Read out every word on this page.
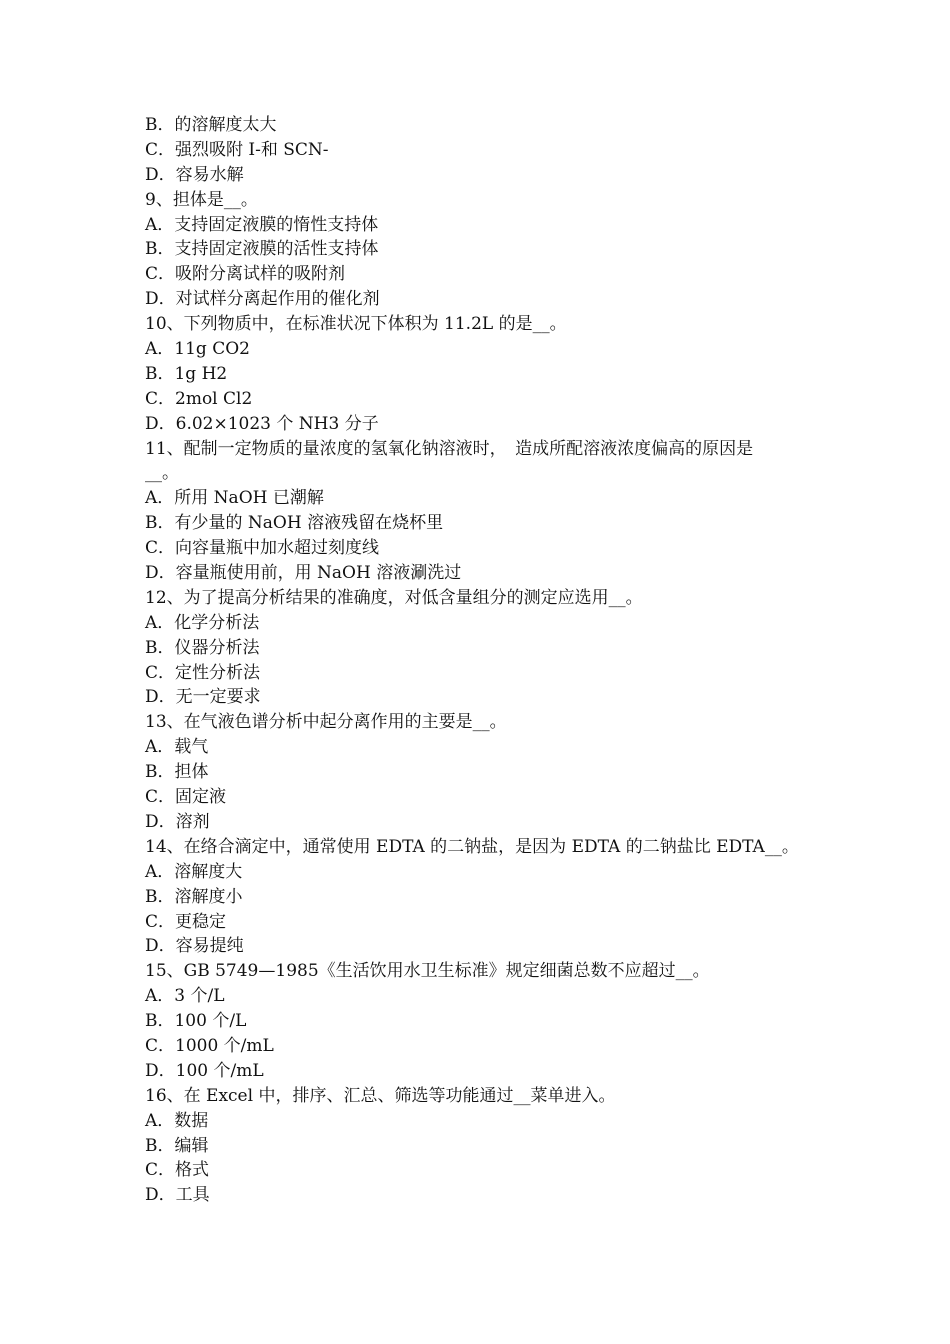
B．的溶解度太大
C．强烈吸附 I-和 SCN-
D．容易水解
9、担体是__。
A．支持固定液膜的惰性支持体
B．支持固定液膜的活性支持体
C．吸附分离试样的吸附剂
D．对试样分离起作用的催化剂
10、下列物质中，在标准状况下体积为 11.2L 的是__。
A．11g CO2
B．1g H2
C．2mol Cl2
D．6.02×1023 个 NH3 分子
11、配制一定物质的量浓度的氢氧化钠溶液时，　造成所配溶液浓度偏高的原因是
__。
A．所用 NaOH 已潮解
B．有少量的 NaOH 溶液残留在烧杯里
C．向容量瓶中加水超过刻度线
D．容量瓶使用前，用 NaOH 溶液涮洗过
12、为了提高分析结果的准确度，对低含量组分的测定应选用__。
A．化学分析法
B．仪器分析法
C．定性分析法
D．无一定要求
13、在气液色谱分析中起分离作用的主要是__。
A．载气
B．担体
C．固定液
D．溶剂
14、在络合滴定中，通常使用 EDTA 的二钠盐，是因为 EDTA 的二钠盐比 EDTA__。
A．溶解度大
B．溶解度小
C．更稳定
D．容易提纯
15、GB 5749—1985《生活饮用水卫生标准》规定细菌总数不应超过__。
A．3 个/L
B．100 个/L
C．1000 个/mL
D．100 个/mL
16、在 Excel 中，排序、汇总、筛选等功能通过__菜单进入。
A．数据
B．编辑
C．格式
D．工具
